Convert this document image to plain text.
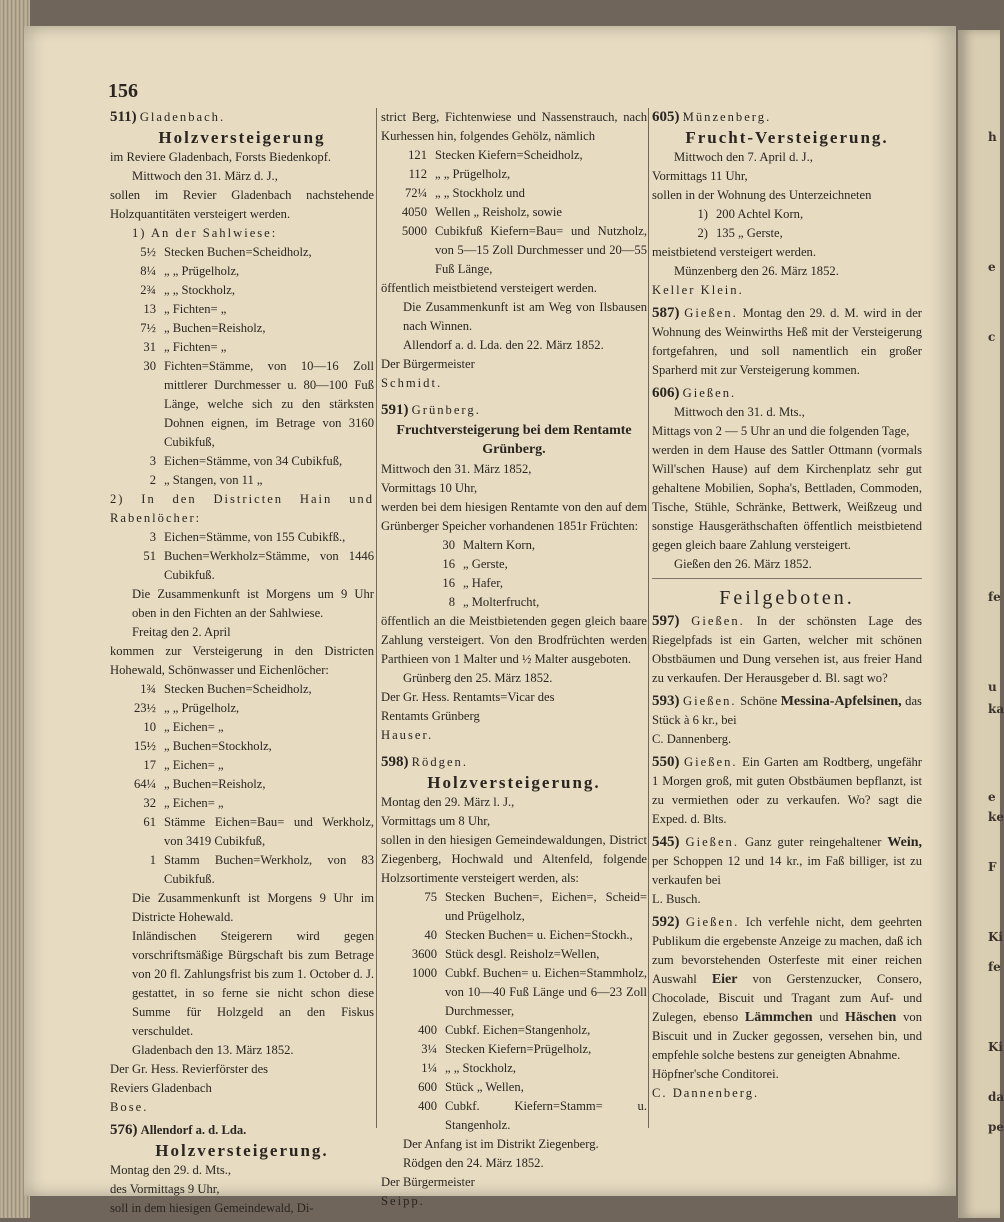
156
h
e
c
fe
u
ka
e
ke
F
Ki
fe
Ki
da
pe

511) Gladenbach.

Holzversteigerung

im Reviere Gladenbach, Forsts Biedenkopf.

Mittwoch den 31. März d. J.,

sollen im Revier Gladenbach nachstehende Holzquantitäten versteigert werden.

1) An der Sahlwiese:

5½ Stecken Buchen=Scheidholz,
8¼ „ „ Prügelholz,
2¾ „ „ Stockholz,
13 „ Fichten= „
7½ „ Buchen=Reisholz,
31 „ Fichten= „
30 Fichten=Stämme, von 10—16 Zoll mittlerer Durchmesser u. 80—100 Fuß Länge, welche sich zu den stärksten Dohnen eignen, im Betrage von 3160 Cubikfuß,
3 Eichen=Stämme, von 34 Cubikfuß,
2 „ Stangen, von 11 „

2) In den Districten Hain und Rabenlöcher:

3 Eichen=Stämme, von 155 Cubikfß.,
51 Buchen=Werkholz=Stämme, von 1446 Cubikfuß.

Die Zusammenkunft ist Morgens um 9 Uhr oben in den Fichten an der Sahlwiese.

Freitag den 2. April

kommen zur Versteigerung in den Districten Hohewald, Schönwasser und Eichenlöcher:

1¾ Stecken Buchen=Scheidholz,
23½ „ „ Prügelholz,
10 „ Eichen= „
15½ „ Buchen=Stockholz,
17 „ Eichen= „
64¼ „ Buchen=Reisholz,
32 „ Eichen= „
61 Stämme Eichen=Bau= und Werkholz, von 3419 Cubikfuß,
1 Stamm Buchen=Werkholz, von 83 Cubikfuß.

Die Zusammenkunft ist Morgens 9 Uhr im Districte Hohewald.

Inländischen Steigerern wird gegen vorschriftsmäßige Bürgschaft bis zum Betrage von 20 fl. Zahlungsfrist bis zum 1. October d. J. gestattet, in so ferne sie nicht schon diese Summe für Holzgeld an den Fiskus verschuldet.

Gladenbach den 13. März 1852.

Der Gr. Hess. Revierförster des

Reviers Gladenbach

Bose.

576) Allendorf a. d. Lda.

Holzversteigerung.

Montag den 29. d. Mts.,

des Vormittags 9 Uhr,

soll in dem hiesigen Gemeindewald, Di-

strict Berg, Fichtenwiese und Nassenstrauch, nach Kurhessen hin, folgendes Gehölz, nämlich

121 Stecken Kiefern=Scheidholz,
112 „ „ Prügelholz,
72¼ „ „ Stockholz und
4050 Wellen „ Reisholz, sowie
5000 Cubikfuß Kiefern=Bau= und Nutzholz, von 5—15 Zoll Durchmesser und 20—55 Fuß Länge,

öffentlich meistbietend versteigert werden.

Die Zusammenkunft ist am Weg von Ilsbausen nach Winnen.

Allendorf a. d. Lda. den 22. März 1852.

Der Bürgermeister

Schmidt.

591) Grünberg.

Fruchtversteigerung bei dem Rentamte Grünberg.

Mittwoch den 31. März 1852,

Vormittags 10 Uhr,

werden bei dem hiesigen Rentamte von den auf dem Grünberger Speicher vorhandenen 1851r Früchten:

30 Maltern Korn,
16 „ Gerste,
16 „ Hafer,
8 „ Molterfrucht,

öffentlich an die Meistbietenden gegen gleich baare Zahlung versteigert. Von den Brodfrüchten werden Parthieen von 1 Malter und ½ Malter ausgeboten.

Grünberg den 25. März 1852.

Der Gr. Hess. Rentamts=Vicar des

Rentamts Grünberg

Hauser.

598) Rödgen.

Holzversteigerung.

Montag den 29. März l. J.,

Vormittags um 8 Uhr,

sollen in den hiesigen Gemeindewaldungen, District Ziegenberg, Hochwald und Altenfeld, folgende Holzsortimente versteigert werden, als:

75 Stecken Buchen=, Eichen=, Scheid= und Prügelholz,
40 Stecken Buchen= u. Eichen=Stockh.,
3600 Stück desgl. Reisholz=Wellen,
1000 Cubkf. Buchen= u. Eichen=Stammholz, von 10—40 Fuß Länge und 6—23 Zoll Durchmesser,
400 Cubkf. Eichen=Stangenholz,
3¼ Stecken Kiefern=Prügelholz,
1¼ „ „ Stockholz,
600 Stück „ Wellen,
400 Cubkf. Kiefern=Stamm= u. Stangenholz.

Der Anfang ist im Distrikt Ziegenberg.

Rödgen den 24. März 1852.

Der Bürgermeister

Seipp.

605) Münzenberg.

Frucht-Versteigerung.

Mittwoch den 7. April d. J.,

Vormittags 11 Uhr,

sollen in der Wohnung des Unterzeichneten

1) 200 Achtel Korn,
2) 135 „ Gerste,

meistbietend versteigert werden.

Münzenberg den 26. März 1852.

Keller Klein.

587) Gießen. Montag den 29. d. M. wird in der Wohnung des Weinwirths Heß mit der Versteigerung fortgefahren, und soll namentlich ein großer Sparherd mit zur Versteigerung kommen.

606) Gießen.

Mittwoch den 31. d. Mts.,

Mittags von 2 — 5 Uhr an und die folgenden Tage,

werden in dem Hause des Sattler Ottmann (vormals Will'schen Hause) auf dem Kirchenplatz sehr gut gehaltene Mobilien, Sopha's, Bettladen, Commoden, Tische, Stühle, Schränke, Bettwerk, Weißzeug und sonstige Hausgeräthschaften öffentlich meistbietend gegen gleich baare Zahlung versteigert.

Gießen den 26. März 1852.

Feilgeboten.

597) Gießen. In der schönsten Lage des Riegelpfads ist ein Garten, welcher mit schönen Obstbäumen und Dung versehen ist, aus freier Hand zu verkaufen. Der Herausgeber d. Bl. sagt wo?

593) Gießen. Schöne Messina-Apfelsinen, das Stück à 6 kr., bei

C. Dannenberg.

550) Gießen. Ein Garten am Rodtberg, ungefähr 1 Morgen groß, mit guten Obstbäumen bepflanzt, ist zu vermiethen oder zu verkaufen. Wo? sagt die Exped. d. Blts.

545) Gießen. Ganz guter reingehaltener Wein, per Schoppen 12 und 14 kr., im Faß billiger, ist zu verkaufen bei

L. Busch.

592) Gießen. Ich verfehle nicht, dem geehrten Publikum die ergebenste Anzeige zu machen, daß ich zum bevorstehenden Osterfeste mit einer reichen Auswahl Eier von Gerstenzucker, Consero, Chocolade, Biscuit und Tragant zum Auf- und Zulegen, ebenso Lämmchen und Häschen von Biscuit und in Zucker gegossen, versehen bin, und empfehle solche bestens zur geneigten Abnahme.

Höpfner'sche Conditorei.

C. Dannenberg.
